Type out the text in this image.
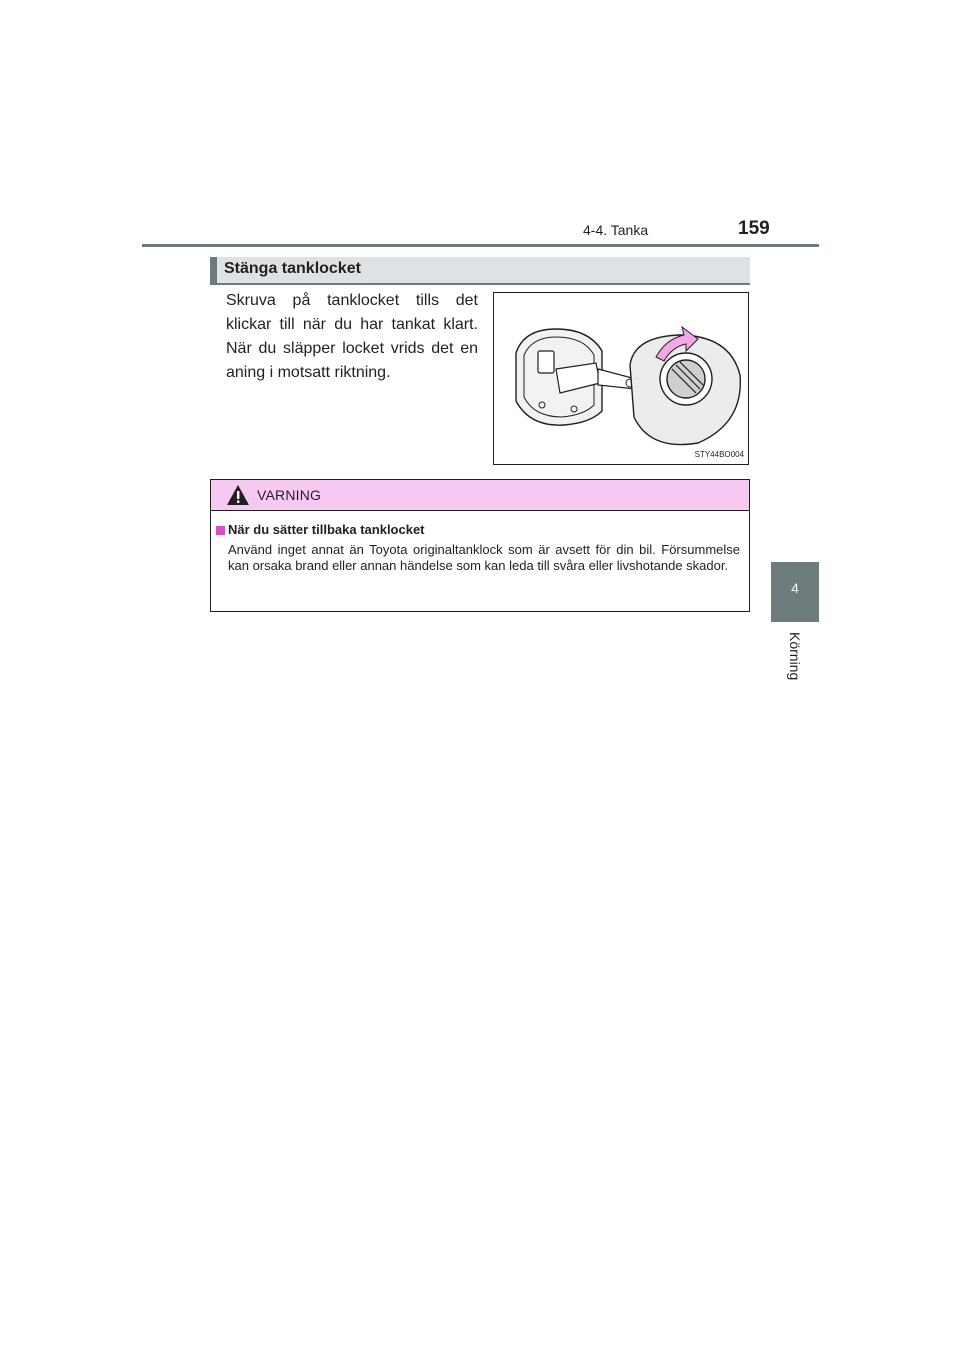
4-4. Tanka	159
4
Körning
Stänga tanklocket
Skruva på tanklocket tills det klickar till när du har tankat klart. När du släpper locket vrids det en aning i motsatt riktning.
STY44BO004
VARNING
När du sätter tillbaka tanklocket
Använd inget annat än Toyota originaltanklock som är avsett för din bil. Försummelse kan orsaka brand eller annan händelse som kan leda till svåra eller livshotande skador.
